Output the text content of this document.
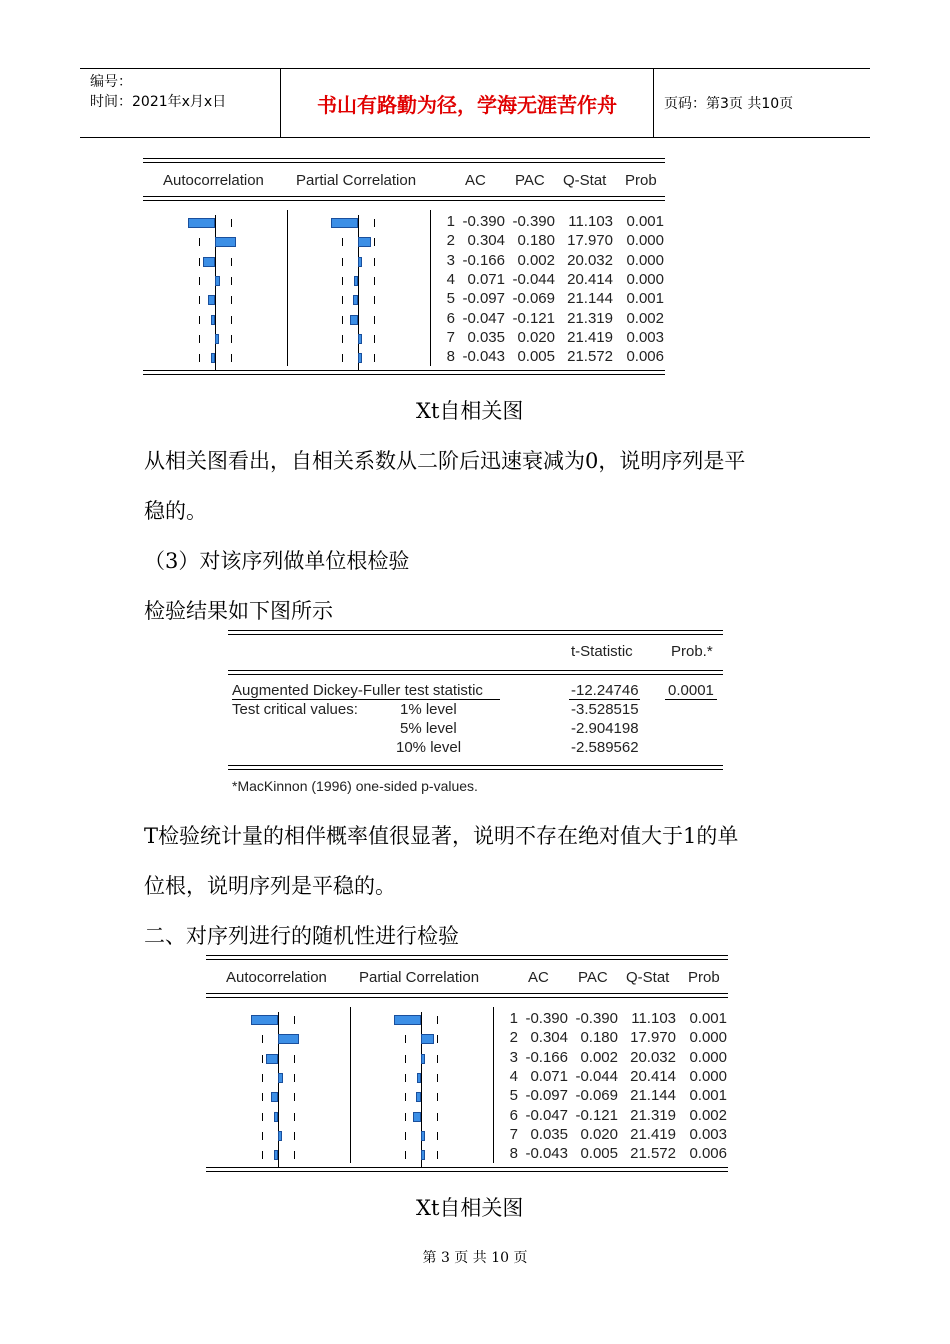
编号：
时间：2021年x月x日	书山有路勤为径，学海无涯苦作舟	页码：第3页 共10页
Autocorrelation Partial Correlation	AC PAC Q-Stat Prob
1 -0.390 -0.390 11.103 0.001
2 0.304 0.180 17.970 0.000
3 -0.166 0.002 20.032 0.000
4 0.071 -0.044 20.414 0.000
5 -0.097 -0.069 21.144 0.001
6 -0.047 -0.121 21.319 0.002
7 0.035 0.020 21.419 0.003
8 -0.043 0.005 21.572 0.006
Xt自相关图
从相关图看出，自相关系数从二阶后迅速衰减为0，说明序列是平
稳的。
（3）对该序列做单位根检验
检验结果如下图所示
t-Statistic	Prob.*
Augmented Dickey-Fuller test statistic	-12.24746 0.0001
Test critical values:	1% level	-3.528515
5% level	-2.904198
10% level	-2.589562
*MacKinnon (1996) one-sided p-values.
T检验统计量的相伴概率值很显著，说明不存在绝对值大于1的单
位根，说明序列是平稳的。
二、对序列进行的随机性进行检验
Autocorrelation Partial Correlation	AC PAC Q-Stat Prob
1 -0.390 -0.390 11.103 0.001
2 0.304 0.180 17.970 0.000
3 -0.166 0.002 20.032 0.000
4 0.071 -0.044 20.414 0.000
5 -0.097 -0.069 21.144 0.001
6 -0.047 -0.121 21.319 0.002
7 0.035 0.020 21.419 0.003
8 -0.043 0.005 21.572 0.006
Xt自相关图
第 3 页 共 10 页
